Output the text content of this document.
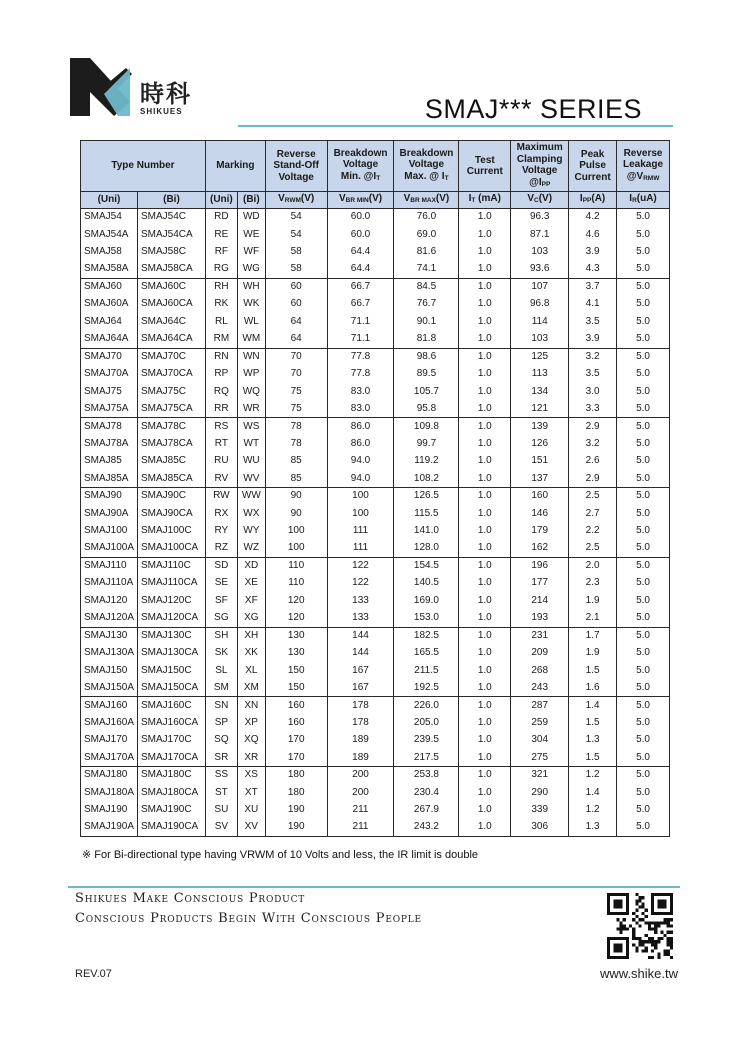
時科
SHIKUES	SMAJ*** SERIES
Type Number		Marking		Reverse
Stand-Off
Voltage	Breakdown
Voltage
Min. $@I_T$	Breakdown
Voltage
Max. @ $I_T$	Test
Current	Maximum
Clamping
Voltage
$@I_{PP}$	Peak
Pulse
Current	Reverse
Leakage
$@V_{RMW}$
(Uni)	(Bi)	(Uni)	(Bi)	$V_{RWM}(V)$	$V_{BR MIN}(V)$	$V_{BR MAX}(V)$	$I_T$ (mA)	$V_C(V)$	$I_{PP}(A)$	$I_R(uA)$
SMAJ54	SMAJ54C	RD	WD	54	60.0	76.0	1.0	96.3	4.2	5.0
SMAJ54A	SMAJ54CA	RE	WE	54	60.0	69.0	1.0	87.1	4.6	5.0
SMAJ58	SMAJ58C	RF	WF	58	64.4	81.6	1.0	103	3.9	5.0
SMAJ58A	SMAJ58CA	RG	WG	58	64.4	74.1	1.0	93.6	4.3	5.0
SMAJ60	SMAJ60C	RH	WH	60	66.7	84.5	1.0	107	3.7	5.0
SMAJ60A	SMAJ60CA	RK	WK	60	66.7	76.7	1.0	96.8	4.1	5.0
SMAJ64	SMAJ64C	RL	WL	64	71.1	90.1	1.0	114	3.5	5.0
SMAJ64A	SMAJ64CA	RM	WM	64	71.1	81.8	1.0	103	3.9	5.0
SMAJ70	SMAJ70C	RN	WN	70	77.8	98.6	1.0	125	3.2	5.0
SMAJ70A	SMAJ70CA	RP	WP	70	77.8	89.5	1.0	113	3.5	5.0
SMAJ75	SMAJ75C	RQ	WQ	75	83.0	105.7	1.0	134	3.0	5.0
SMAJ75A	SMAJ75CA	RR	WR	75	83.0	95.8	1.0	121	3.3	5.0
SMAJ78	SMAJ78C	RS	WS	78	86.0	109.8	1.0	139	2.9	5.0
SMAJ78A	SMAJ78CA	RT	WT	78	86.0	99.7	1.0	126	3.2	5.0
SMAJ85	SMAJ85C	RU	WU	85	94.0	119.2	1.0	151	2.6	5.0
SMAJ85A	SMAJ85CA	RV	WV	85	94.0	108.2	1.0	137	2.9	5.0
SMAJ90	SMAJ90C	RW	WW	90	100	126.5	1.0	160	2.5	5.0
SMAJ90A	SMAJ90CA	RX	WX	90	100	115.5	1.0	146	2.7	5.0
SMAJ100	SMAJ100C	RY	WY	100	111	141.0	1.0	179	2.2	5.0
SMAJ100A	SMAJ100CA	RZ	WZ	100	111	128.0	1.0	162	2.5	5.0
SMAJ110	SMAJ110C	SD	XD	110	122	154.5	1.0	196	2.0	5.0
SMAJ110A	SMAJ110CA	SE	XE	110	122	140.5	1.0	177	2.3	5.0
SMAJ120	SMAJ120C	SF	XF	120	133	169.0	1.0	214	1.9	5.0
SMAJ120A	SMAJ120CA	SG	XG	120	133	153.0	1.0	193	2.1	5.0
SMAJ130	SMAJ130C	SH	XH	130	144	182.5	1.0	231	1.7	5.0
SMAJ130A	SMAJ130CA	SK	XK	130	144	165.5	1.0	209	1.9	5.0
SMAJ150	SMAJ150C	SL	XL	150	167	211.5	1.0	268	1.5	5.0
SMAJ150A	SMAJ150CA	SM	XM	150	167	192.5	1.0	243	1.6	5.0
SMAJ160	SMAJ160C	SN	XN	160	178	226.0	1.0	287	1.4	5.0
SMAJ160A	SMAJ160CA	SP	XP	160	178	205.0	1.0	259	1.5	5.0
SMAJ170	SMAJ170C	SQ	XQ	170	189	239.5	1.0	304	1.3	5.0
SMAJ170A	SMAJ170CA	SR	XR	170	189	217.5	1.0	275	1.5	5.0
SMAJ180	SMAJ180C	SS	XS	180	200	253.8	1.0	321	1.2	5.0
SMAJ180A	SMAJ180CA	ST	XT	180	200	230.4	1.0	290	1.4	5.0
SMAJ190	SMAJ190C	SU	XU	190	211	267.9	1.0	339	1.2	5.0
SMAJ190A	SMAJ190CA	SV	XV	190	211	243.2	1.0	306	1.3	5.0
※ For Bi-directional type having VRWM of 10 Volts and less, the IR limit is double
Shikues Make Conscious Product
Conscious Products Begin With Conscious People
REV.07	www.shike.tw
